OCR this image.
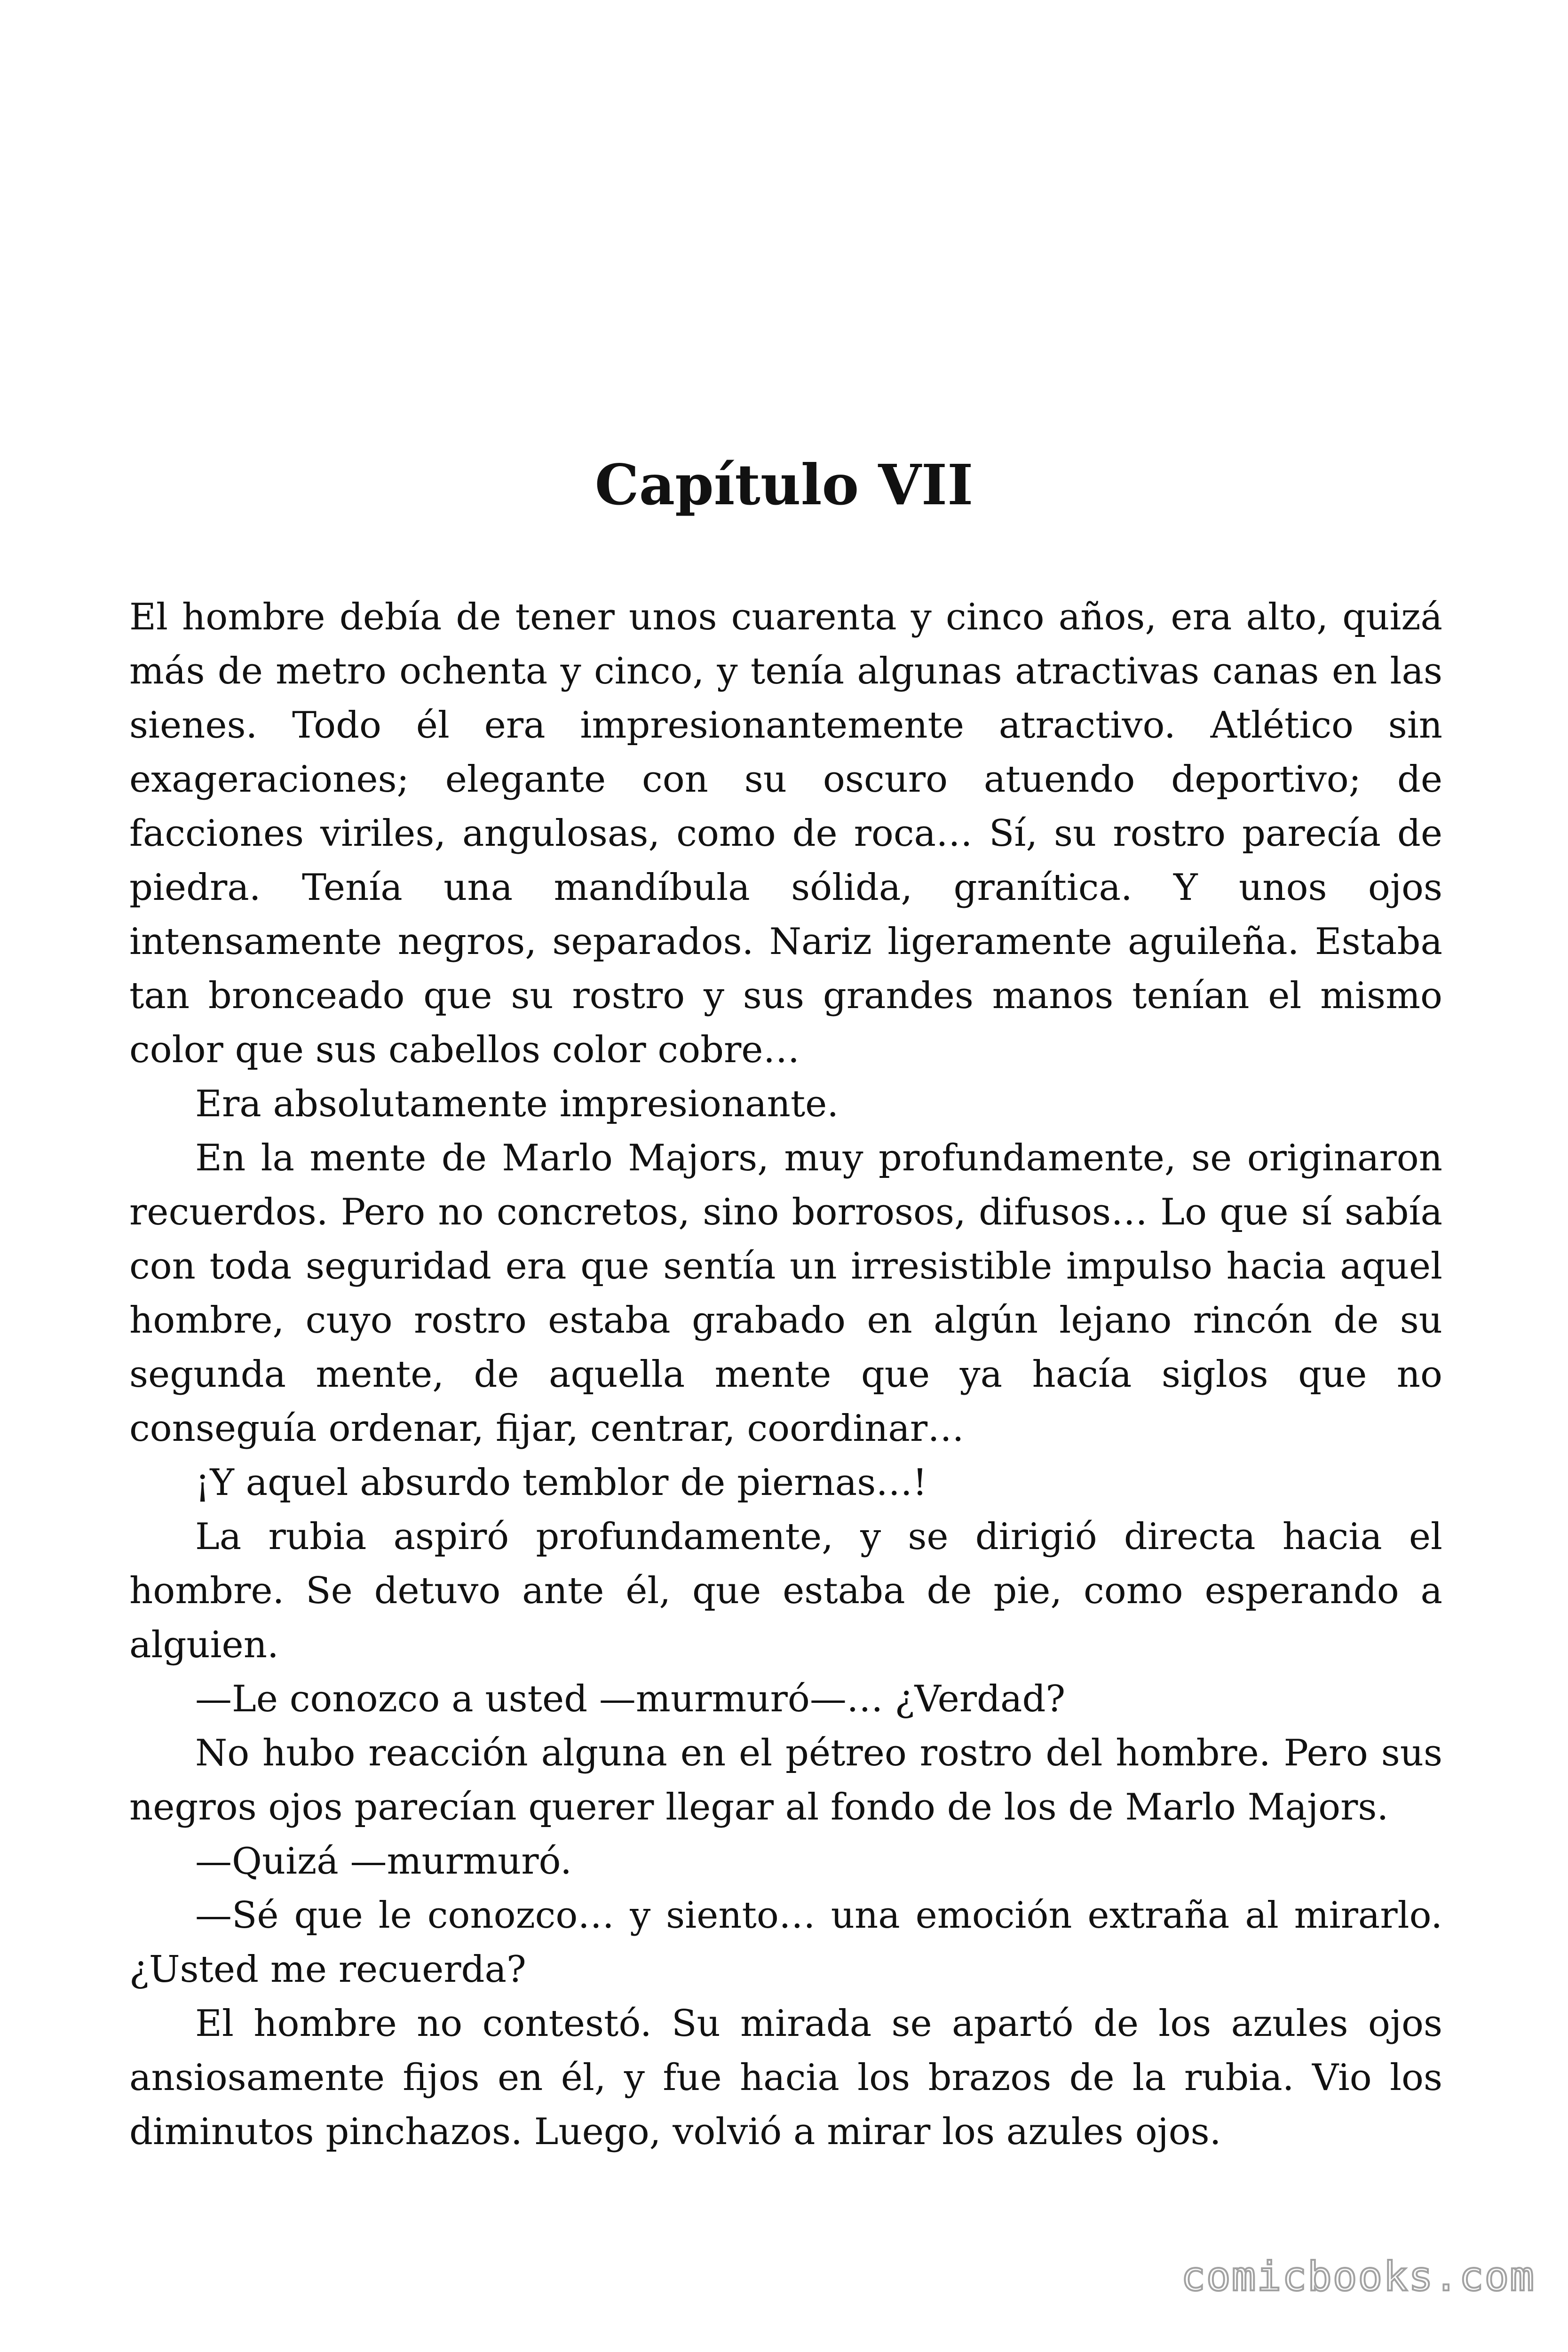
Capítulo VII

El hombre debía de tener unos cuarenta y cinco años, era alto, quizá más de metro ochenta y cinco, y tenía algunas atractivas canas en las sienes. Todo él era impresionantemente atractivo. Atlético sin exageraciones; elegante con su oscuro atuendo deportivo; de facciones viriles, angulosas, como de roca… Sí, su rostro parecía de piedra. Tenía una mandíbula sólida, granítica. Y unos ojos intensamente negros, separados. Nariz ligeramente aguileña. Estaba tan bronceado que su rostro y sus grandes manos tenían el mismo color que sus cabellos color cobre…

Era absolutamente impresionante.

En la mente de Marlo Majors, muy profundamente, se originaron recuerdos. Pero no concretos, sino borrosos, difusos… Lo que sí sabía con toda seguridad era que sentía un irresistible impulso hacia aquel hombre, cuyo rostro estaba grabado en algún lejano rincón de su segunda mente, de aquella mente que ya hacía siglos que no conseguía ordenar, fijar, centrar, coordinar…

¡Y aquel absurdo temblor de piernas…!

La rubia aspiró profundamente, y se dirigió directa hacia el hombre. Se detuvo ante él, que estaba de pie, como esperando a alguien.

—Le conozco a usted —murmuró—… ¿Verdad?

No hubo reacción alguna en el pétreo rostro del hombre. Pero sus negros ojos parecían querer llegar al fondo de los de Marlo Majors.

—Quizá —murmuró.

—Sé que le conozco… y siento… una emoción extraña al mirarlo. ¿Usted me recuerda?

El hombre no contestó. Su mirada se apartó de los azules ojos ansiosamente fijos en él, y fue hacia los brazos de la rubia. Vio los diminutos pinchazos. Luego, volvió a mirar los azules ojos.

comicbooks.com
